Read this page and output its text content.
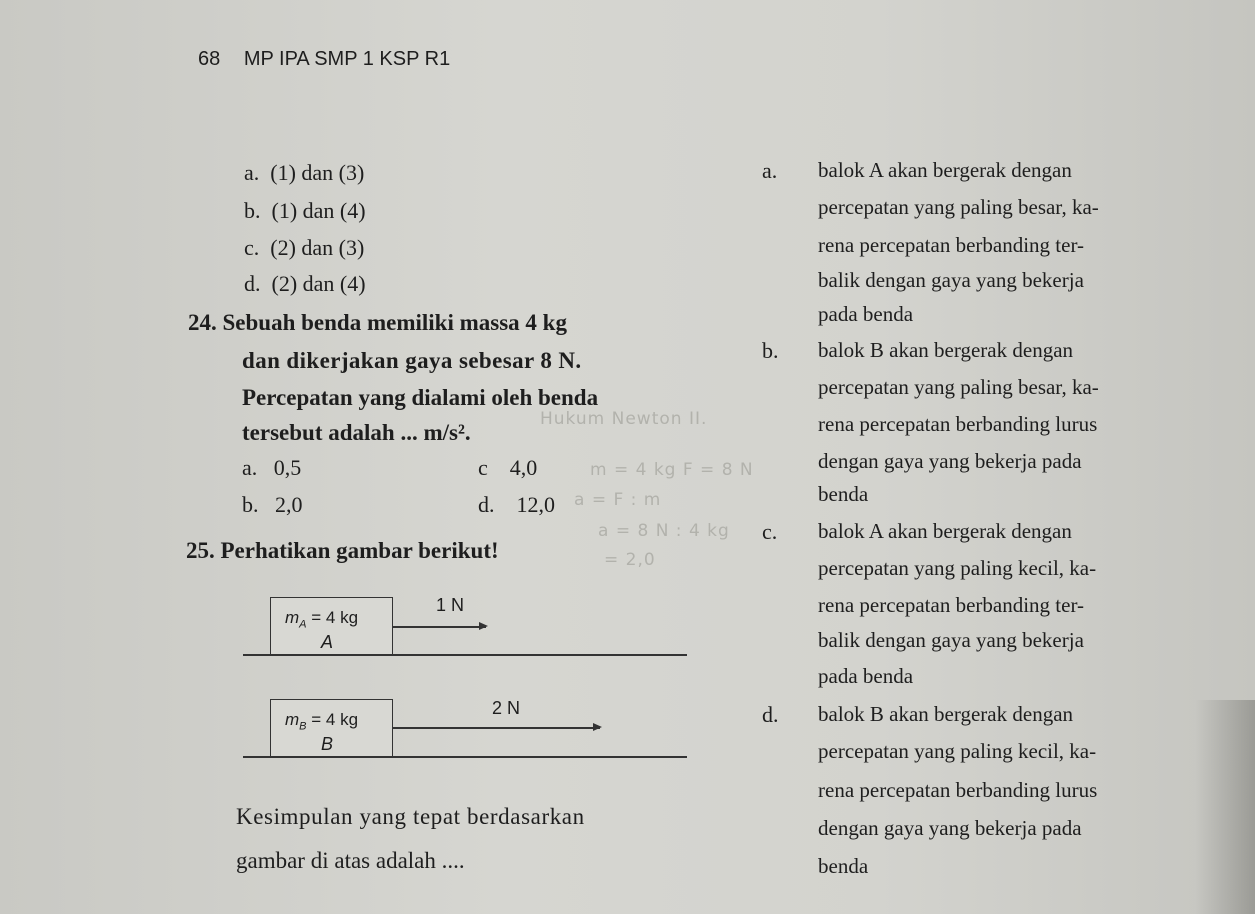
68 MP IPA SMP 1 KSP R1
a. (1) dan (3)
b. (1) dan (4)
c. (2) dan (3)
d. (2) dan (4)
24. Sebuah benda memiliki massa 4 kg
dan dikerjakan gaya sebesar 8 N.
Percepatan yang dialami oleh benda
tersebut adalah ... m/s².
a. 0,5	c 4,0
b. 2,0	d. 12,0
Hukum Newton II.
m = 4 kg F = 8 N
a = F : m
a = 8 N : 4 kg
= 2,0
25. Perhatikan gambar berikut!
$m_A = 4$ kg
A
1 N
$m_B = 4$ kg
B
2 N
Kesimpulan yang tepat berdasarkan
gambar di atas adalah ....
a. balok A akan bergerak dengan
percepatan yang paling besar, ka-
rena percepatan berbanding ter-
balik dengan gaya yang bekerja
pada benda
b. balok B akan bergerak dengan
percepatan yang paling besar, ka-
rena percepatan berbanding lurus
dengan gaya yang bekerja pada
benda
c. balok A akan bergerak dengan
percepatan yang paling kecil, ka-
rena percepatan berbanding ter-
balik dengan gaya yang bekerja
pada benda
d. balok B akan bergerak dengan
percepatan yang paling kecil, ka-
rena percepatan berbanding lurus
dengan gaya yang bekerja pada
benda
